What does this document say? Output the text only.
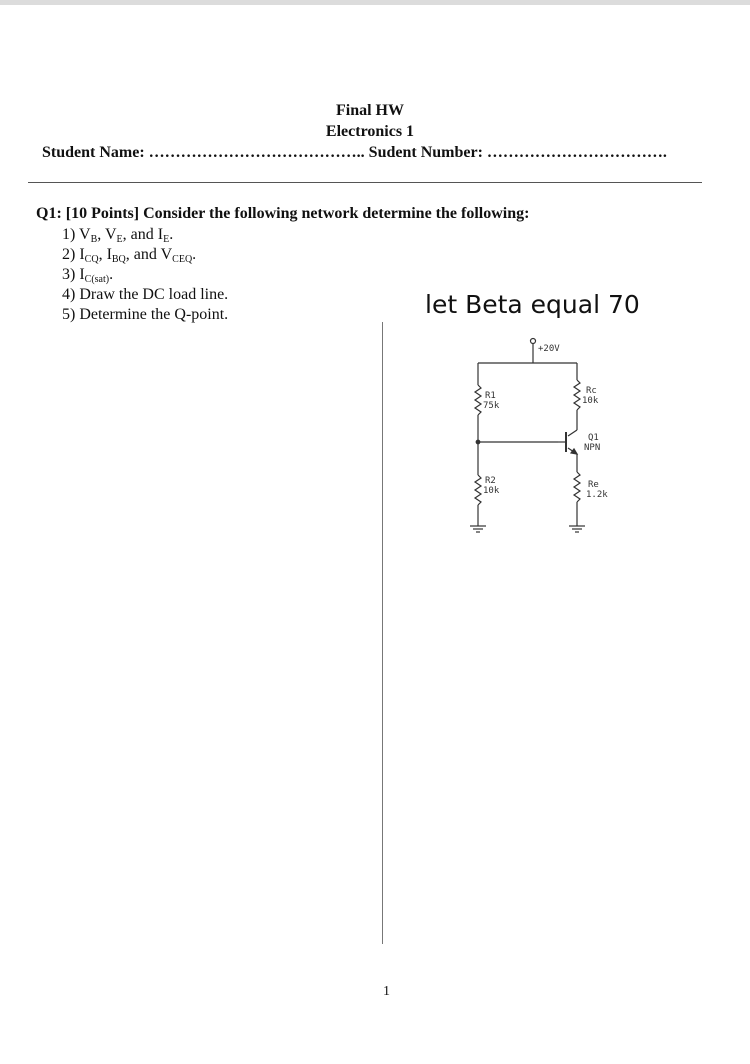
Final HW
Electronics 1
Student Name: ………………………………….. Sudent Number: …………………………….
Q1: [10 Points] Consider the following network determine the following:
1) $V_B$, $V_E$, and $I_E$.
2) $I_{CQ}$, $I_{BQ}$, and $V_{CEQ}$.
3) $I_{C(sat)}$.
4) Draw the DC load line.
5) Determine the Q-point.	let Beta equal 70
+20V
R1
75k
R2
10k
Rc
10k
Q1
NPN
Re
1.2k
1
